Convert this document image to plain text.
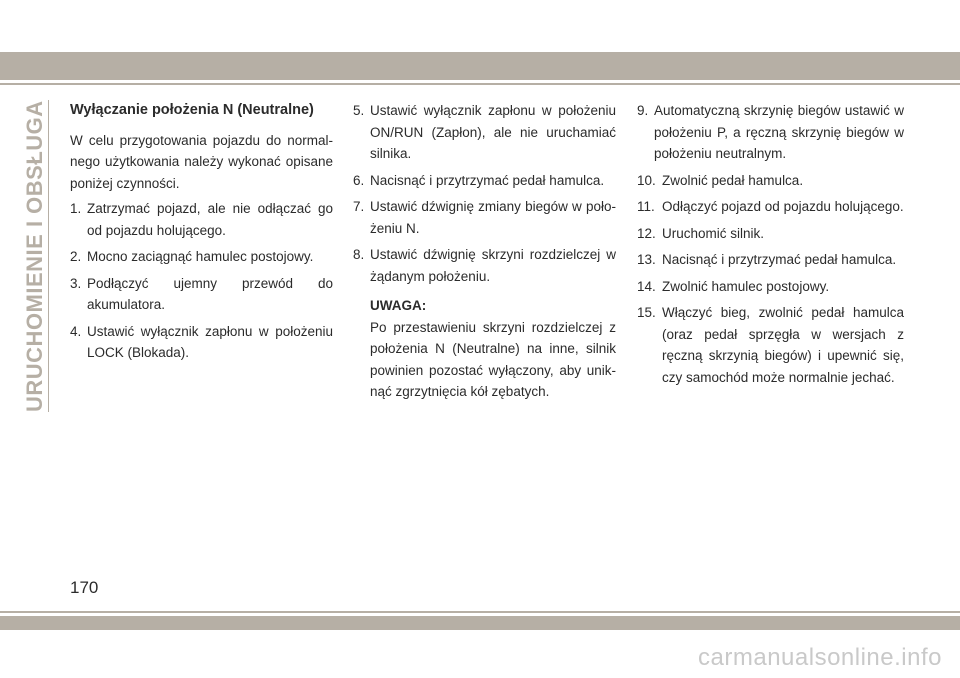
URUCHOMIENIE I OBSŁUGA Wyłączanie położenia N (Neutralne)
W celu przygotowania pojazdu do normal-nego użytkowania należy wykonać opisane poniżej czynności.
1. Zatrzymać pojazd, ale nie odłączać go od pojazdu holującego.
2. Mocno zaciągnąć hamulec postojowy.
3. Podłączyć ujemny przewód do akumulatora.
4. Ustawić wyłącznik zapłonu w położeniu LOCK (Blokada).
5. Ustawić wyłącznik zapłonu w położeniu ON/RUN (Zapłon), ale nie uruchamiać silnika.
6. Nacisnąć i przytrzymać pedał hamulca.
7. Ustawić dźwignię zmiany biegów w poło-żeniu N.
8. Ustawić dźwignię skrzyni rozdzielczej w żądanym położeniu.
UWAGA:
Po przestawieniu skrzyni rozdzielczej z położenia N (Neutralne) na inne, silnik powinien pozostać wyłączony, aby unik-nąć zgrzytnięcia kół zębatych.
9. Automatyczną skrzynię biegów ustawić w położeniu P, a ręczną skrzynię biegów w położeniu neutralnym.
10. Zwolnić pedał hamulca.
11. Odłączyć pojazd od pojazdu holującego.
12. Uruchomić silnik.
13. Nacisnąć i przytrzymać pedał hamulca.
14. Zwolnić hamulec postojowy.
15. Włączyć bieg, zwolnić pedał hamulca (oraz pedał sprzęgła w wersjach z ręczną skrzynią biegów) i upewnić się, czy samochód może normalnie jechać.
170
carmanualsonline.info
